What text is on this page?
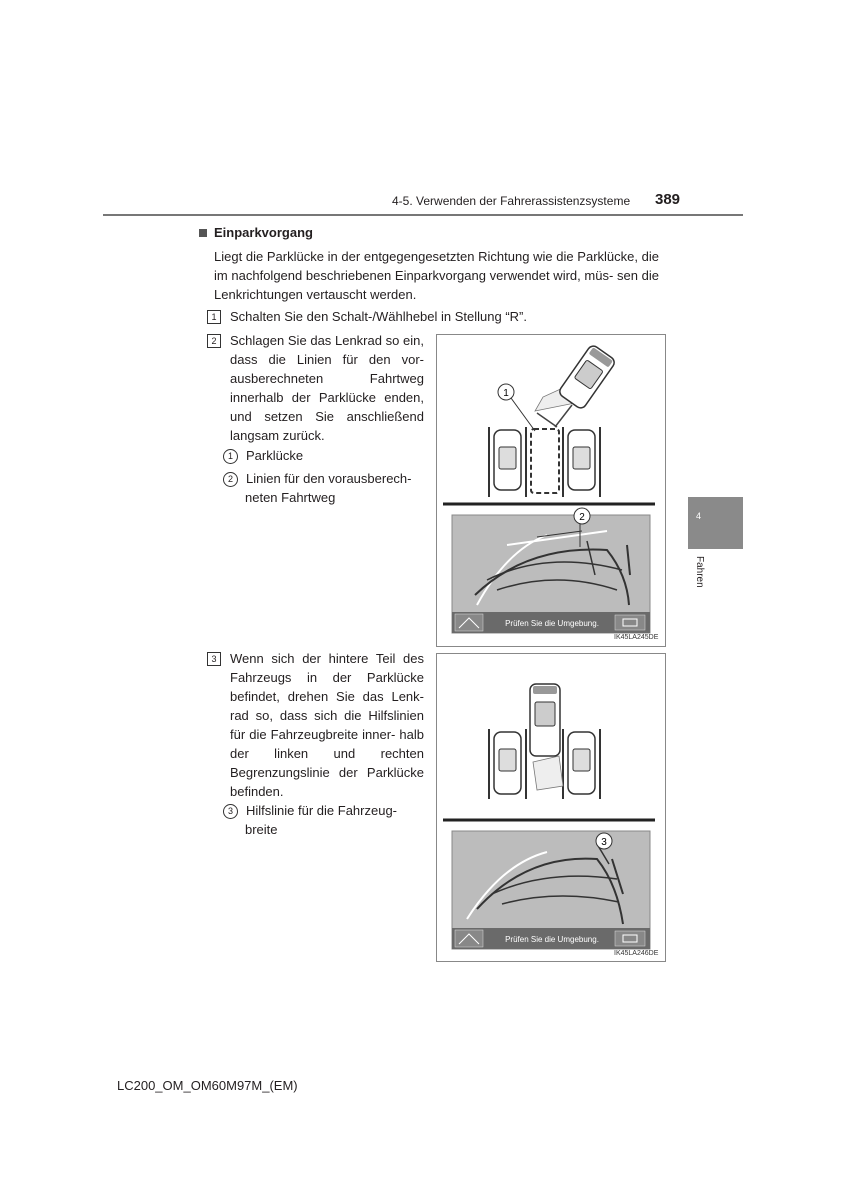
4-5. Verwenden der Fahrerassistenzsysteme 389
Einparkvorgang
Liegt die Parklücke in der entgegengesetzten Richtung wie die Parklücke, die im nachfolgend beschriebenen Einparkvorgang verwendet wird, müs- sen die Lenkrichtungen vertauscht werden.
1	Schalten Sie den Schalt-/Wählhebel in Stellung “R”.
2	Schlagen Sie das Lenkrad so ein, dass die Linien für den vor- ausberechneten Fahrtweg innerhalb der Parklücke enden, und setzen Sie anschließend langsam zurück.
1 Parklücke
2 Linien für den vorausberech-
neten Fahrtweg
3	Wenn sich der hintere Teil des Fahrzeugs in der Parklücke befindet, drehen Sie das Lenk- rad so, dass sich die Hilfslinien für die Fahrzeugbreite inner- halb der linken und rechten Begrenzungslinie der Parklücke befinden.
3 Hilfslinie für die Fahrzeug-
breite
1
2
Prüfen Sie die Umgebung.
IK45LA245DE
3
Prüfen Sie die Umgebung.
IK45LA246DE
4
Fahren
LC200_OM_OM60M97M_(EM)
